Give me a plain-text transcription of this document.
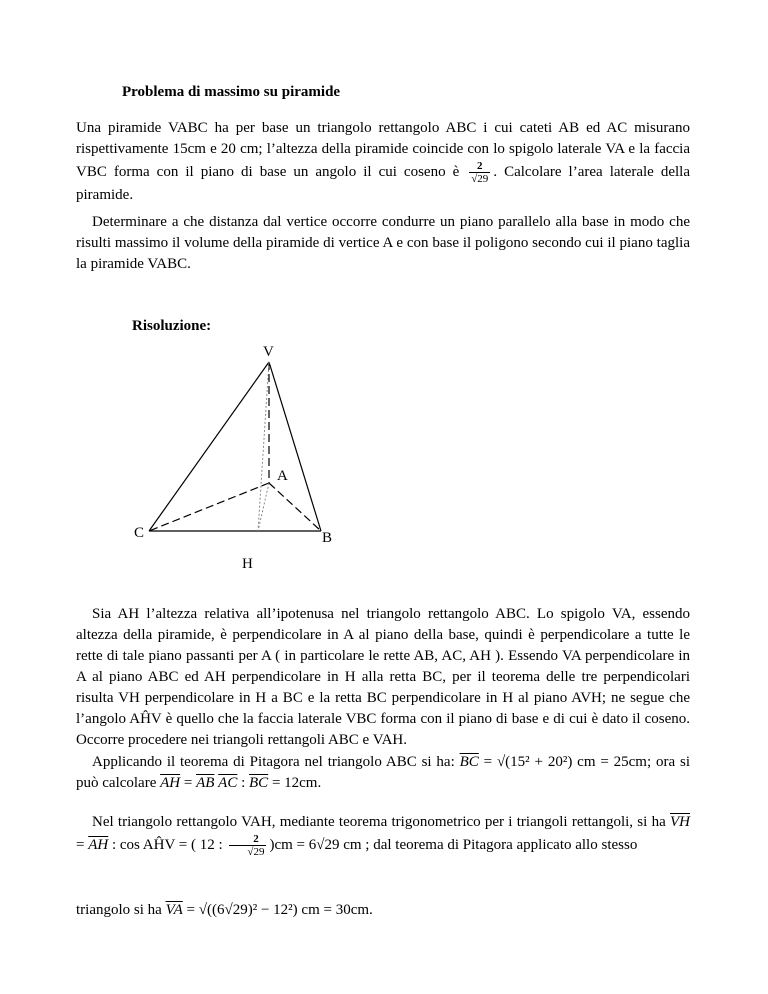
Problema di massimo su piramide
Una piramide VABC ha per base un triangolo rettangolo ABC i cui cateti AB ed AC misurano rispettivamente 15cm e 20 cm; l’altezza della piramide coincide con lo spigolo laterale VA e la faccia VBC forma con il piano di base un angolo il cui coseno è $\frac{2}{√29}$ . Calcolare l’area laterale della piramide.
Determinare a che distanza dal vertice occorre condurre un piano parallelo alla base in modo che risulti massimo il volume della piramide di vertice A e con base il poligono secondo cui il piano taglia la piramide VABC.
Risoluzione:
V
A
B
C
H
Sia AH l’altezza relativa all’ipotenusa nel triangolo rettangolo ABC. Lo spigolo VA, essendo altezza della piramide, è perpendicolare in A al piano della base, quindi è perpendicolare a tutte le rette di tale piano passanti per A ( in particolare le rette AB, AC, AH ). Essendo VA perpendicolare in A al piano ABC ed AH perpendicolare in H alla retta BC, per il teorema delle tre perpendicolari risulta VH perpendicolare in H a BC e la retta BC perpendicolare in H al piano AVH; ne segue che l’angolo AĤV è quello che la faccia laterale VBC forma con il piano di base e di cui è dato il coseno. Occorre procedere nei triangoli rettangoli ABC e VAH.
Applicando il teorema di Pitagora nel triangolo ABC si ha: $\overline{BC} = √(15^2 + 20^2)$ cm = 25cm; ora si può calcolare $\overline{AH} = \overline{AB}$ $\overline{AC}$ : $\overline{BC} = 12cm$.
Nel triangolo rettangolo VAH, mediante teorema trigonometrico per i triangoli rettangoli, si ha $\overline{VH} = \overline{AH}$ : cos AĤV = ( 12 : $\frac{2}{√29} )cm = 6√29$ cm ; dal teorema di Pitagora applicato allo stesso
triangolo si ha $\overline{VA} = √((6√29)^2 - 12^2)$ cm = 30cm.
